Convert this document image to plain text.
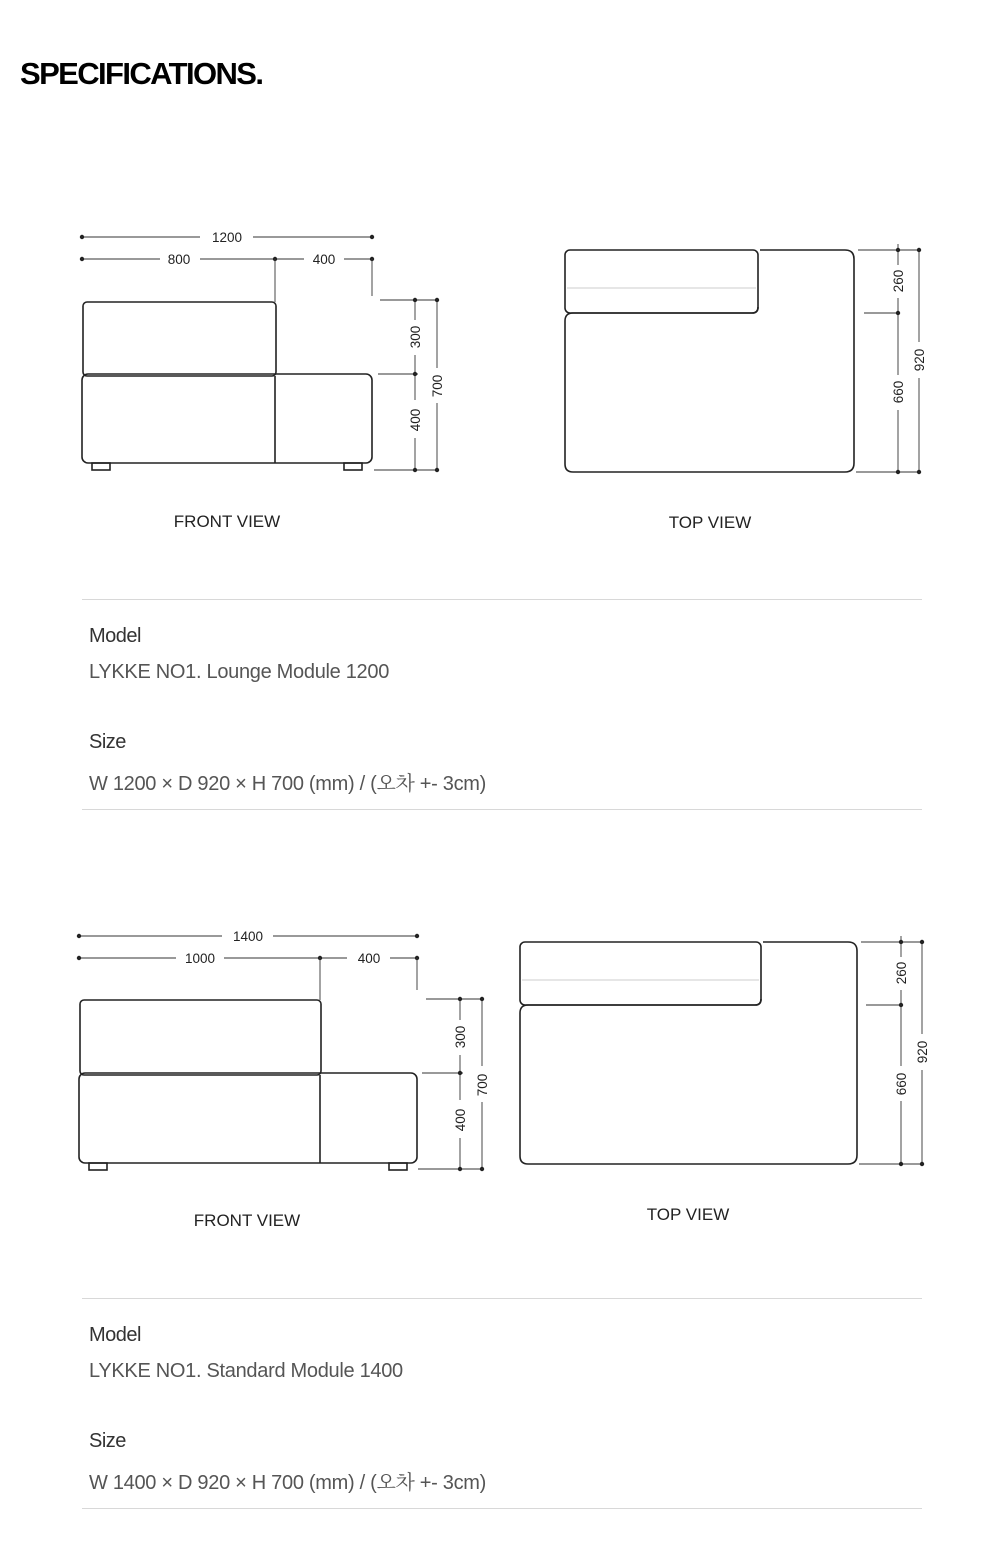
SPECIFICATIONS.
1200
800	400
300
400
700
FRONT VIEW
260
660
920
TOP VIEW
Model
LYKKE NO1. Lounge Module 1200
Size
W 1200 × D 920 × H 700 (mm) / (오차 +- 3cm)
1400
1000	400
300
400
700
FRONT VIEW
260
660
920
TOP VIEW
Model
LYKKE NO1. Standard Module 1400
Size
W 1400 × D 920 × H 700 (mm) / (오차 +- 3cm)
